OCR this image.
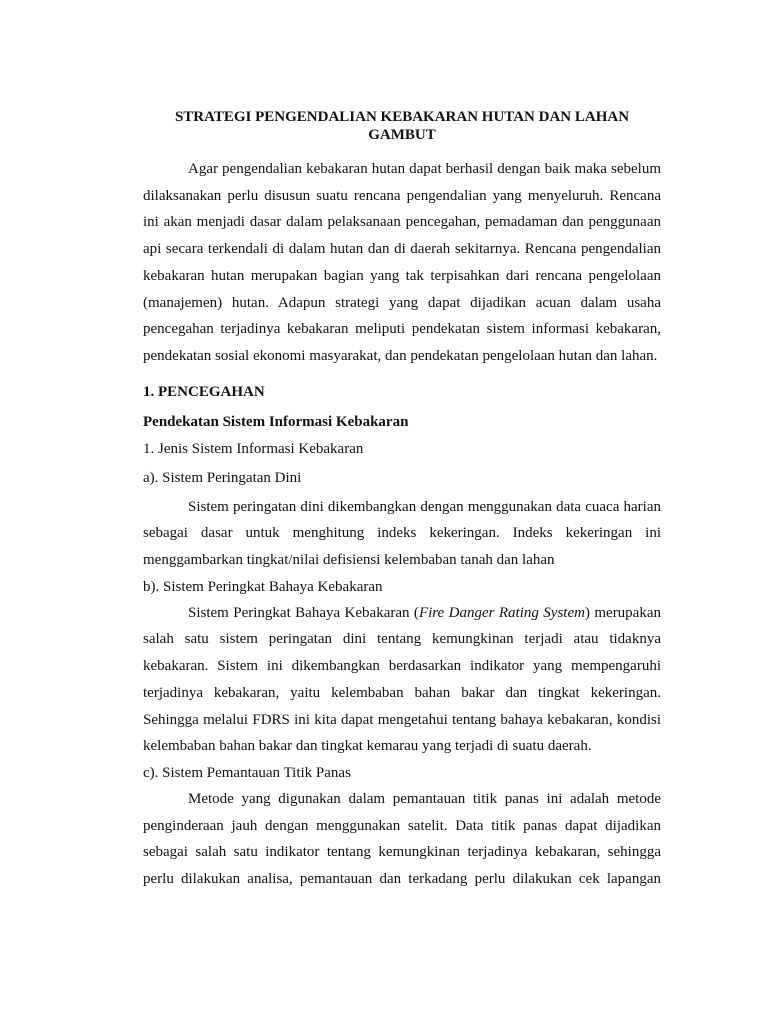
STRATEGI PENGENDALIAN KEBAKARAN HUTAN DAN LAHAN GAMBUT

Agar pengendalian kebakaran hutan dapat berhasil dengan baik maka sebelum dilaksanakan perlu disusun suatu rencana pengendalian yang menyeluruh. Rencana ini akan menjadi dasar dalam pelaksanaan pencegahan, pemadaman dan penggunaan api secara terkendali di dalam hutan dan di daerah sekitarnya. Rencana pengendalian kebakaran hutan merupakan bagian yang tak terpisahkan dari rencana pengelolaan (manajemen) hutan. Adapun strategi yang dapat dijadikan acuan dalam usaha pencegahan terjadinya kebakaran meliputi pendekatan sistem informasi kebakaran, pendekatan sosial ekonomi masyarakat, dan pendekatan pengelolaan hutan dan lahan.

1. PENCEGAHAN
Pendekatan Sistem Informasi Kebakaran
1. Jenis Sistem Informasi Kebakaran
a). Sistem Peringatan Dini

Sistem peringatan dini dikembangkan dengan menggunakan data cuaca harian sebagai dasar untuk menghitung indeks kekeringan. Indeks kekeringan ini menggambarkan tingkat/nilai defisiensi kelembaban tanah dan lahan

b). Sistem Peringkat Bahaya Kebakaran

Sistem Peringkat Bahaya Kebakaran (Fire Danger Rating System) merupakan salah satu sistem peringatan dini tentang kemungkinan terjadi atau tidaknya kebakaran. Sistem ini dikembangkan berdasarkan indikator yang mempengaruhi terjadinya kebakaran, yaitu kelembaban bahan bakar dan tingkat kekeringan. Sehingga melalui FDRS ini kita dapat mengetahui tentang bahaya kebakaran, kondisi kelembaban bahan bakar dan tingkat kemarau yang terjadi di suatu daerah.

c). Sistem Pemantauan Titik Panas

Metode yang digunakan dalam pemantauan titik panas ini adalah metode penginderaan jauh dengan menggunakan satelit. Data titik panas dapat dijadikan sebagai salah satu indikator tentang kemungkinan terjadinya kebakaran, sehingga perlu dilakukan analisa, pemantauan dan terkadang perlu dilakukan cek lapangan
